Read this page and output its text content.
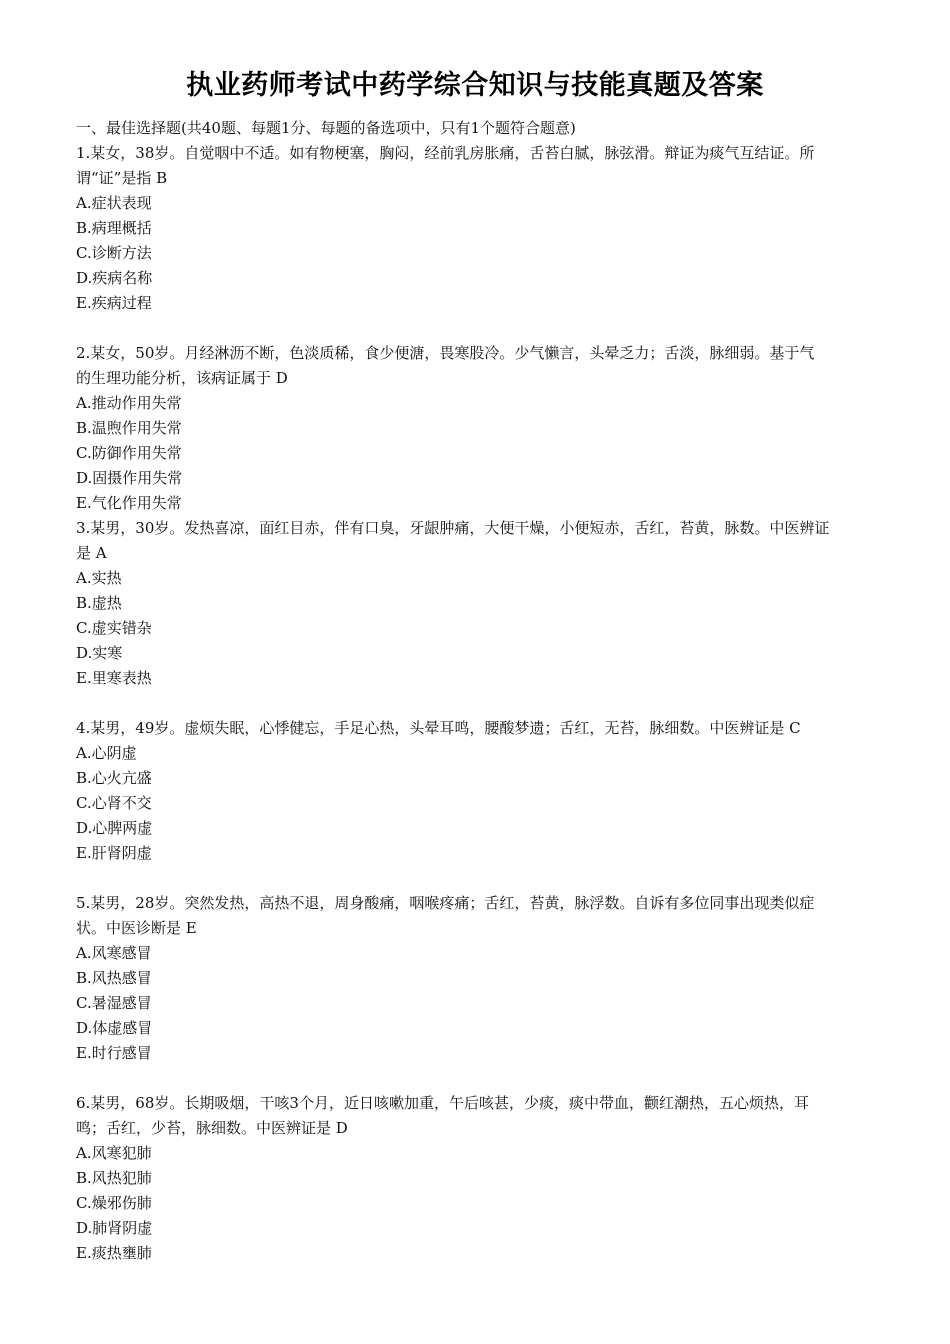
执业药师考试中药学综合知识与技能真题及答案
一、最佳选择题(共40题、每题1分、每题的备选项中，只有1个题符合题意)
1.某女，38岁。自觉咽中不适。如有物梗塞，胸闷，经前乳房胀痛，舌苔白腻，脉弦滑。辩证为痰气互结证。所
谓“证”是指 B
A.症状表现
B.病理概括
C.诊断方法
D.疾病名称
E.疾病过程
2.某女，50岁。月经淋沥不断，色淡质稀，食少便溏，畏寒股冷。少气懒言，头晕乏力；舌淡，脉细弱。基于气
的生理功能分析，该病证属于 D
A.推动作用失常
B.温煦作用失常
C.防御作用失常
D.固摄作用失常
E.气化作用失常
3.某男，30岁。发热喜凉，面红目赤，伴有口臭，牙龈肿痛，大便干燥，小便短赤，舌红，苔黄，脉数。中医辨证
是 A
A.实热
B.虚热
C.虚实错杂
D.实寒
E.里寒表热
4.某男，49岁。虚烦失眠，心悸健忘，手足心热，头晕耳鸣，腰酸梦遗；舌红，无苔，脉细数。中医辨证是 C
A.心阴虚
B.心火亢盛
C.心肾不交
D.心脾两虚
E.肝肾阴虚
5.某男，28岁。突然发热，高热不退，周身酸痛，咽喉疼痛；舌红，苔黄，脉浮数。自诉有多位同事出现类似症
状。中医诊断是 E
A.风寒感冒
B.风热感冒
C.暑湿感冒
D.体虚感冒
E.时行感冒
6.某男，68岁。长期吸烟，干咳3个月，近日咳嗽加重，午后咳甚，少痰，痰中带血，颧红潮热，五心烦热，耳
鸣；舌红，少苔，脉细数。中医辨证是 D
A.风寒犯肺
B.风热犯肺
C.燥邪伤肺
D.肺肾阴虚
E.痰热壅肺
